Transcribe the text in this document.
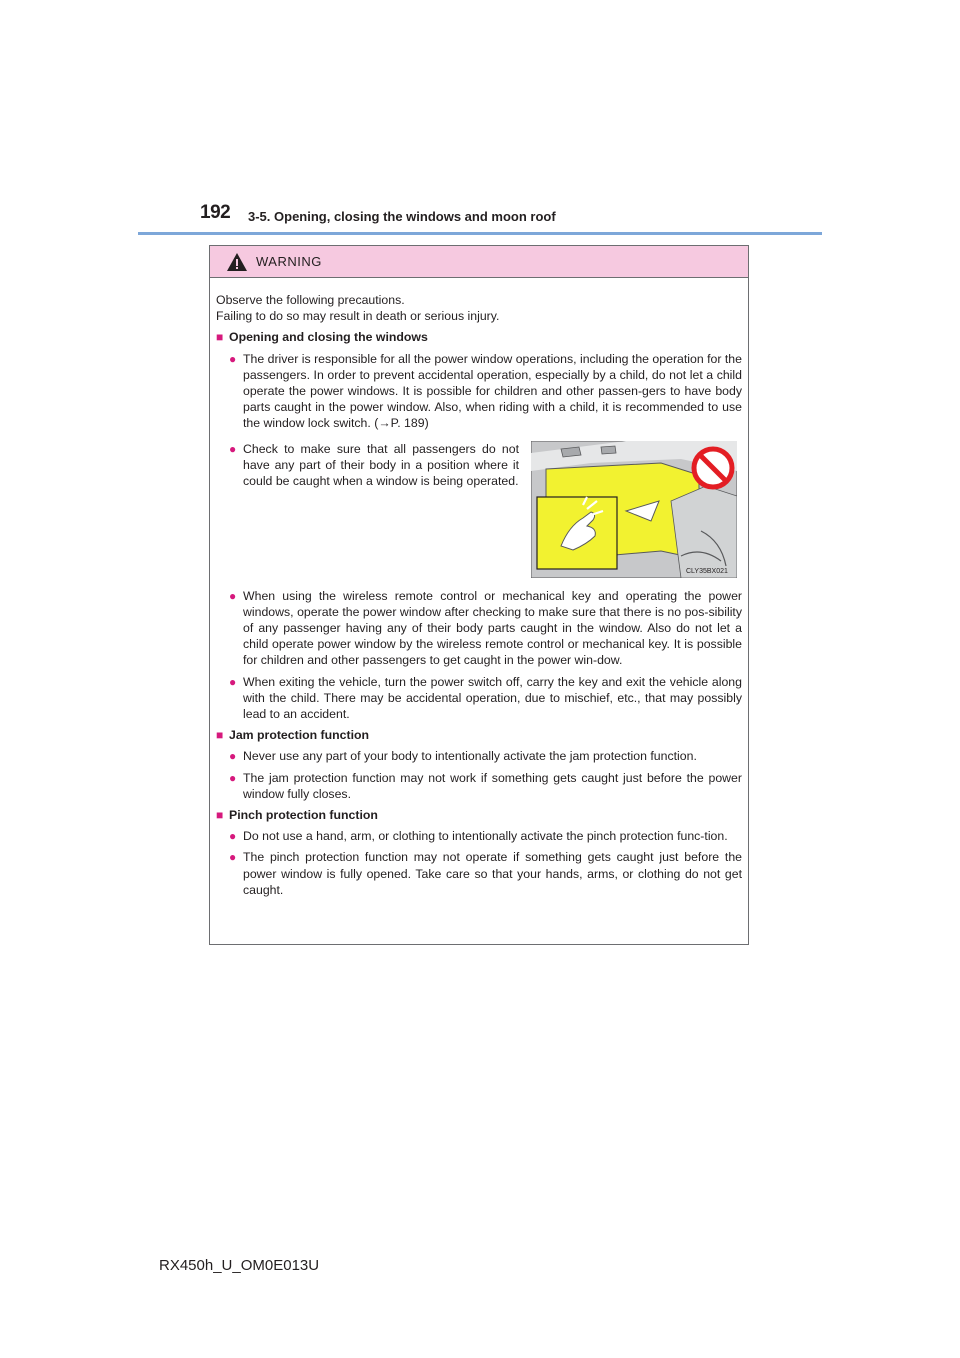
192 3-5. Opening, closing the windows and moon roof
WARNING

Observe the following precautions.

Failing to do so may result in death or serious injury.

■ Opening and closing the windows
● The driver is responsible for all the power window operations, including the operation for the passengers. In order to prevent accidental operation, especially by a child, do not let a child operate the power windows. It is possible for children and other passen-gers to have body parts caught in the power window. Also, when riding with a child, it is recommended to use the window lock switch. (→P. 189)
● Check to make sure that all passengers do not have any part of their body in a position where it could be caught when a window is being operated.
CLY35BX021
● When using the wireless remote control or mechanical key and operating the power windows, operate the power window after checking to make sure that there is no pos-sibility of any passenger having any of their body parts caught in the window. Also do not let a child operate power window by the wireless remote control or mechanical key. It is possible for children and other passengers to get caught in the power win-dow.
● When exiting the vehicle, turn the power switch off, carry the key and exit the vehicle along with the child. There may be accidental operation, due to mischief, etc., that may possibly lead to an accident.
■ Jam protection function
● Never use any part of your body to intentionally activate the jam protection function.
● The jam protection function may not work if something gets caught just before the power window fully closes.
■ Pinch protection function
● Do not use a hand, arm, or clothing to intentionally activate the pinch protection func-tion.
● The pinch protection function may not operate if something gets caught just before the power window is fully opened. Take care so that your hands, arms, or clothing do not get caught.
RX450h_U_OM0E013U
